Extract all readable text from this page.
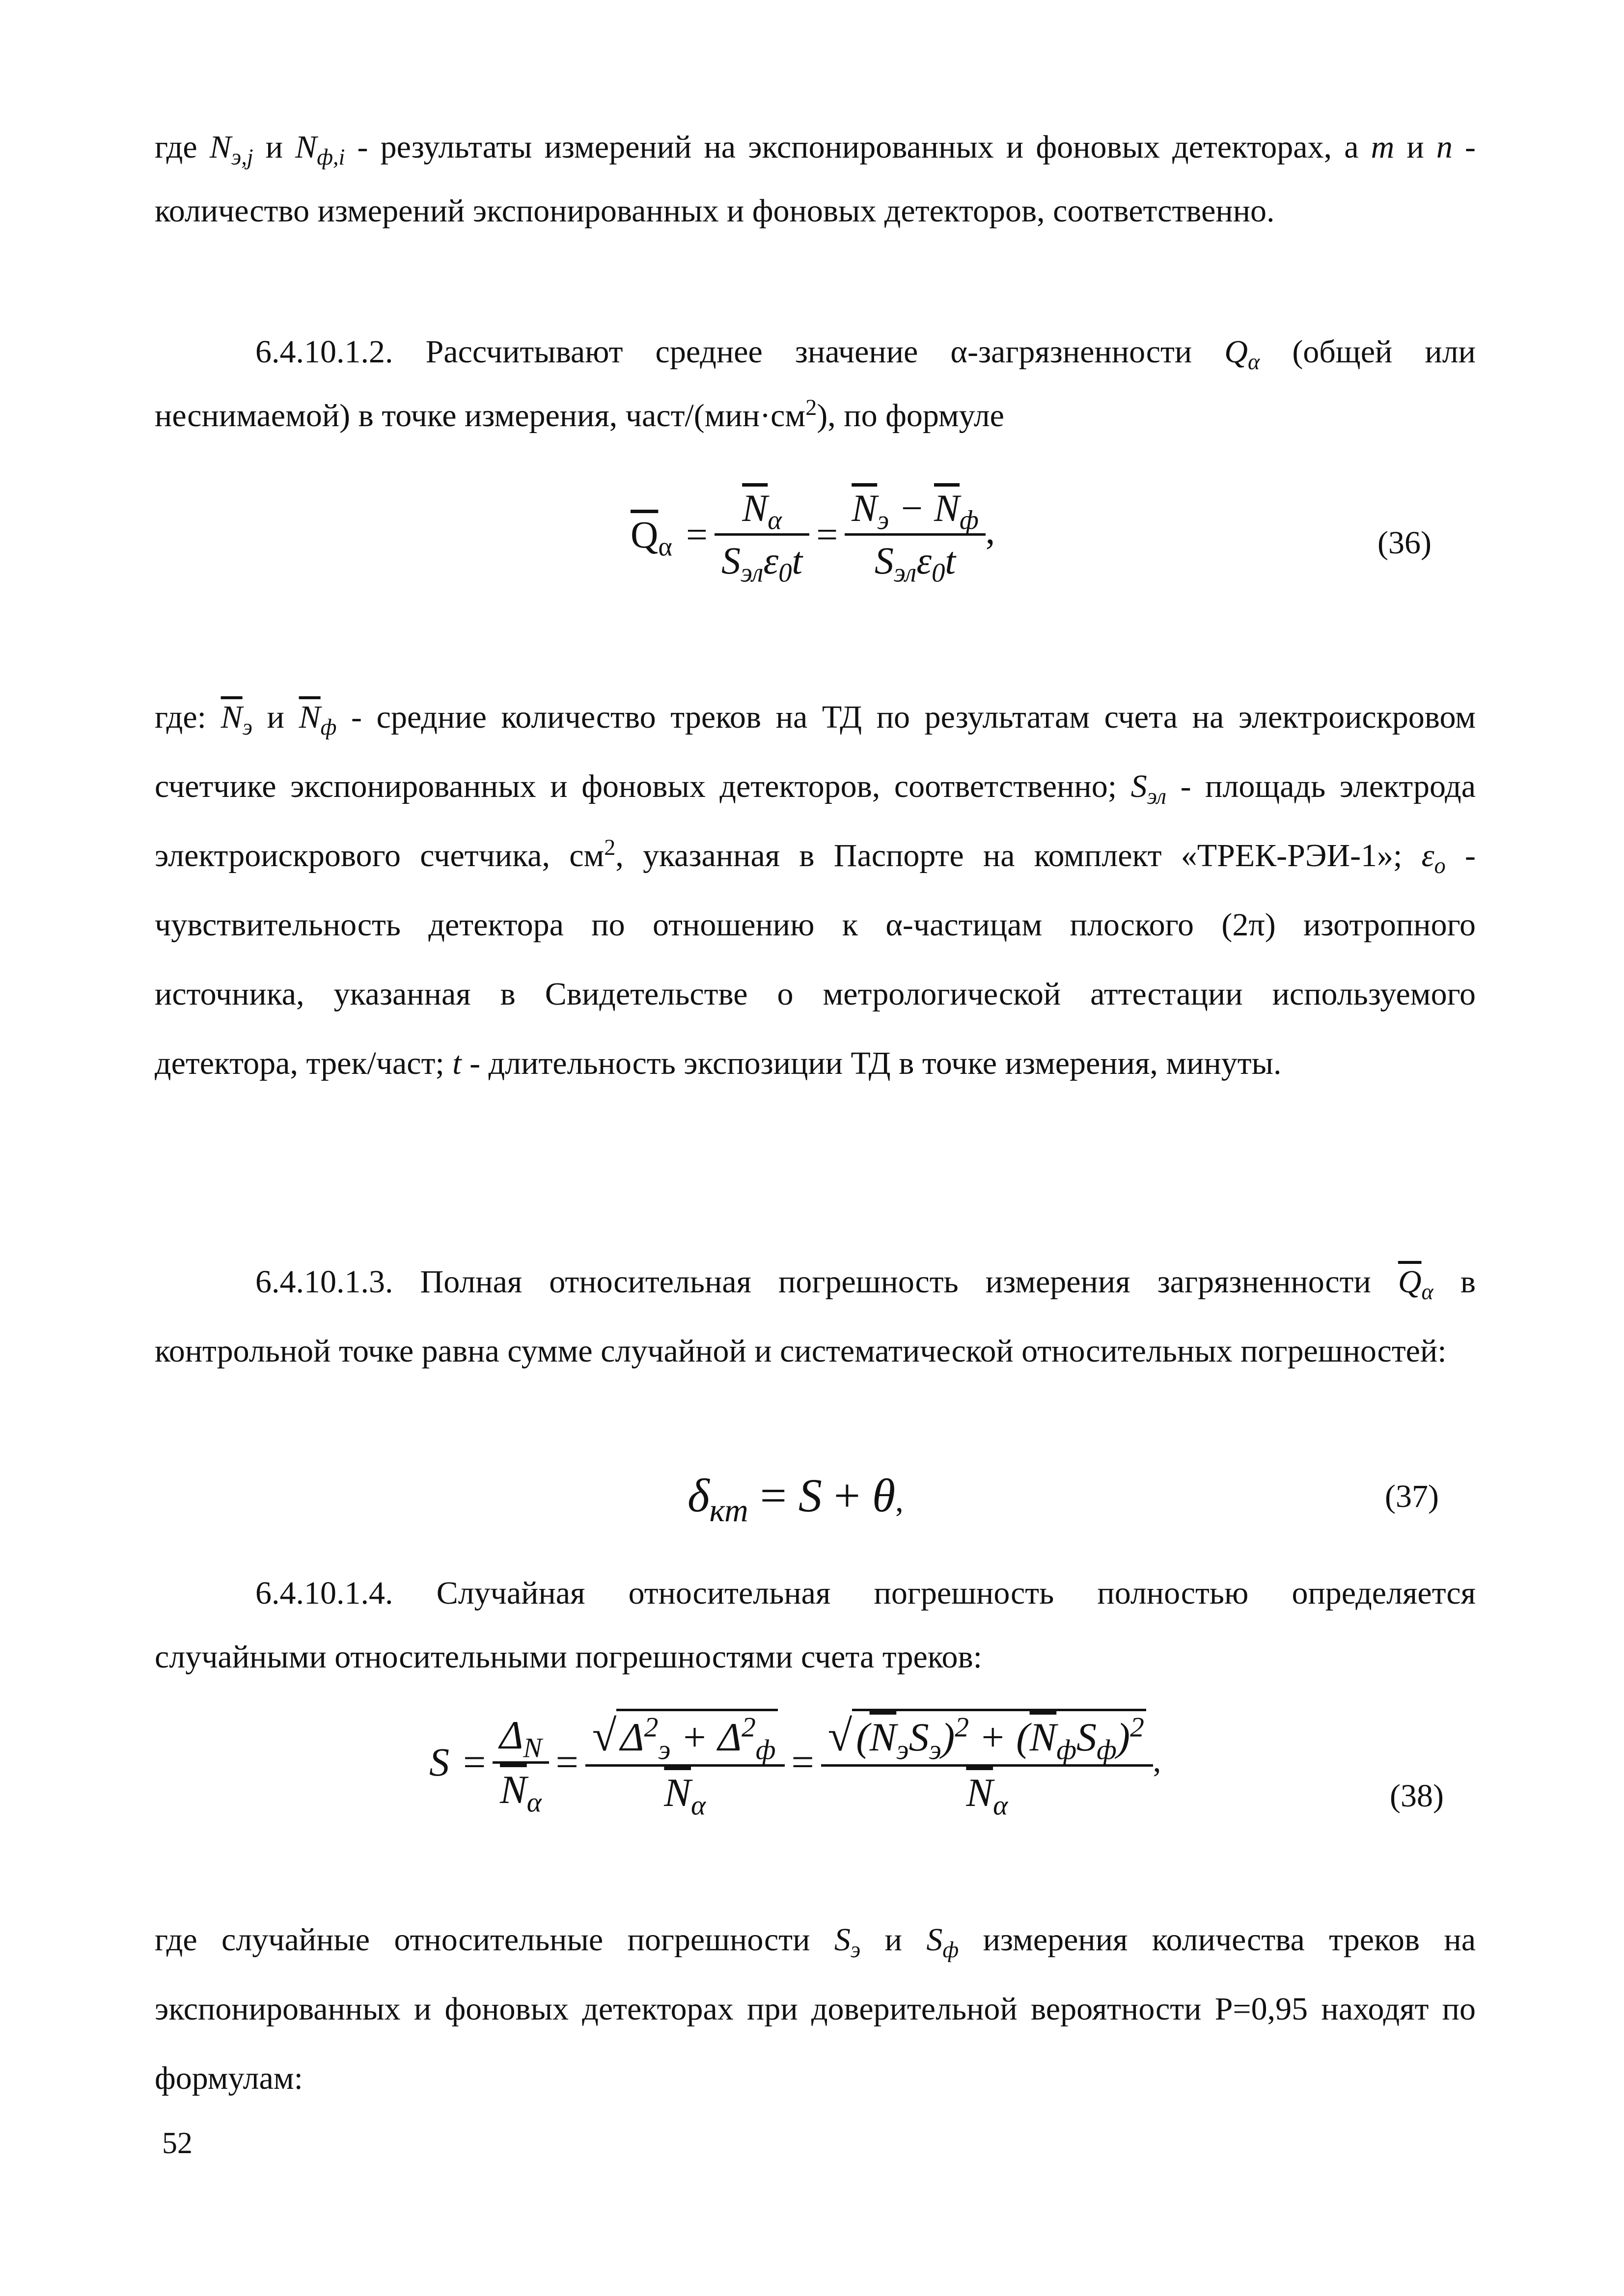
где $N_{э,j}$ и $N_{ф,i}$ - результаты измерений на экспонированных и фоновых детекторах, а m и n - количество измерений экспонированных и фоновых детекторов, соответственно.

6.4.10.1.2. Рассчитывают среднее значение α-загрязненности $Q_\alpha$ (общей или неснимаемой) в точке измерения, част/$(мин\cdot см^2)$, по формуле

$\overline{Q}_\alpha = \frac{\overline{N}_\alpha}{S_{эл}\varepsilon_0t} = \frac{\overline{N}_э - \overline{N}_ф}{S_{эл}\varepsilon_0t}$ ,	(36)

где: $\overline{N}_э$ и $\overline{N}_ф$ - средние количество треков на ТД по результатам счета на электроискровом счетчике экспонированных и фоновых детекторов, соответственно; $S_{эл}$ - площадь электрода электроискрового счетчика, $см^2$, указанная в Паспорте на комплект «ТРЕК-РЭИ-1»; $\varepsilon_о$ - чувствительность детектора по отношению к α-частицам плоского (2π) изотропного источника, указанная в Свидетельстве о метрологической аттестации используемого детектора, трек/част; t - длительность экспозиции ТД в точке измерения, минуты.

6.4.10.1.3. Полная относительная погрешность измерения загрязненности $\overline{Q}_\alpha$ в контрольной точке равна сумме случайной и систематической относительных погрешностей:

$\delta_{кт} = S + \theta$,	(37)

6.4.10.1.4. Случайная относительная погрешность полностью определяется случайными относительными погрешностями счета треков:

$S = \frac{\Delta_N}{\overline{N}_\alpha} = \frac{√\Delta^2_э + \Delta^2_ф}{\overline{N}_\alpha} = \frac{√(\overline{N}_эS_э)^2 + (\overline{N}_фS_ф)^2}{\overline{N}_\alpha}$ ,
(38)

где случайные относительные погрешности $S_э$ и $S_ф$ измерения количества треков на экспонированных и фоновых детекторах при доверительной вероятности Р=0,95 находят по формулам:

52
